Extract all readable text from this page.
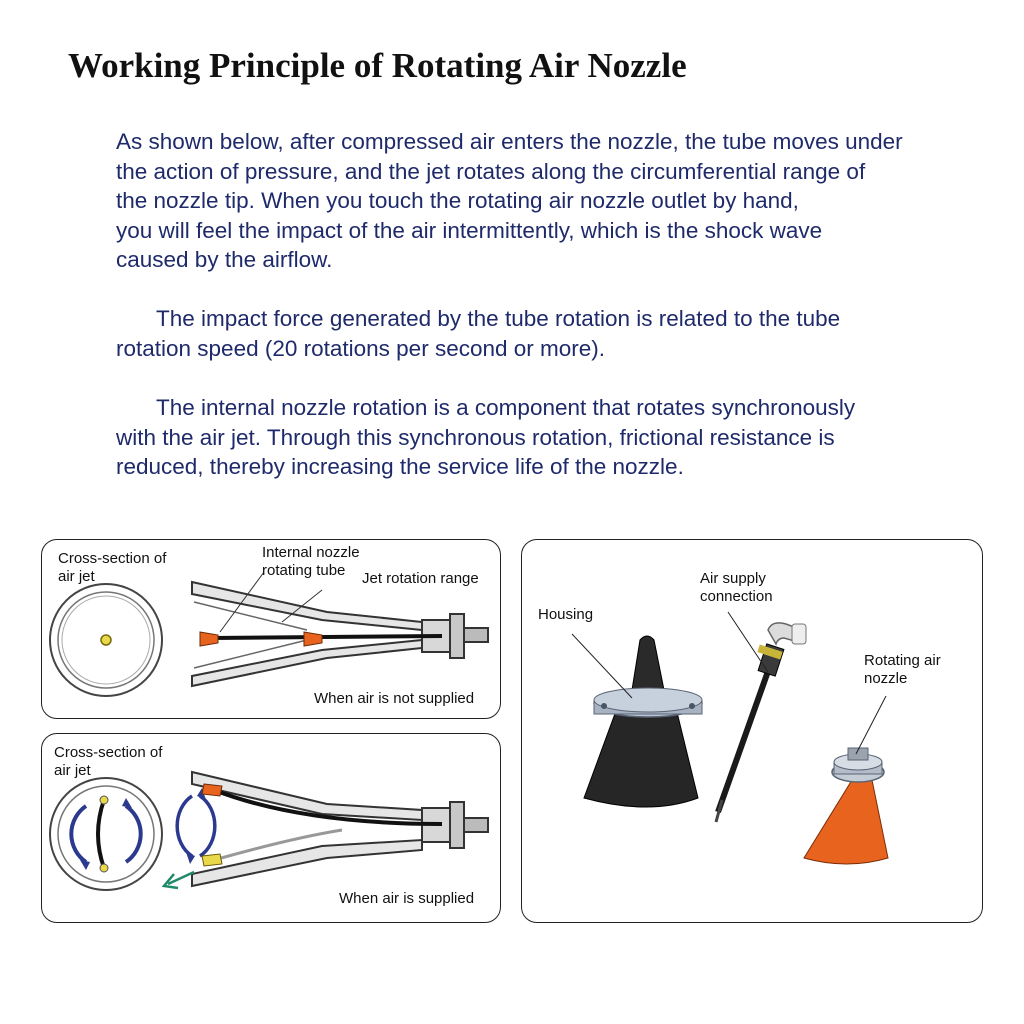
Working Principle of Rotating Air Nozzle

As shown below, after compressed air enters the nozzle, the tube moves under
the action of pressure, and the jet rotates along the circumferential range of
the nozzle tip. When you touch the rotating air nozzle outlet by hand,
you will feel the impact of the air intermittently, which is the shock wave
caused by the airflow.

The impact force generated by the tube rotation is related to the tube
rotation speed (20 rotations per second or more).

The internal nozzle rotation is a component that rotates synchronously
with the air jet. Through this synchronous rotation, frictional resistance is
reduced, thereby increasing the service life of the nozzle.

Cross-section of
air jet
Internal nozzle
rotating tube	Jet rotation range
When air is not supplied
Cross-section of
air jet
When air is supplied
Housing
Air supply
connection
Rotating air
nozzle
